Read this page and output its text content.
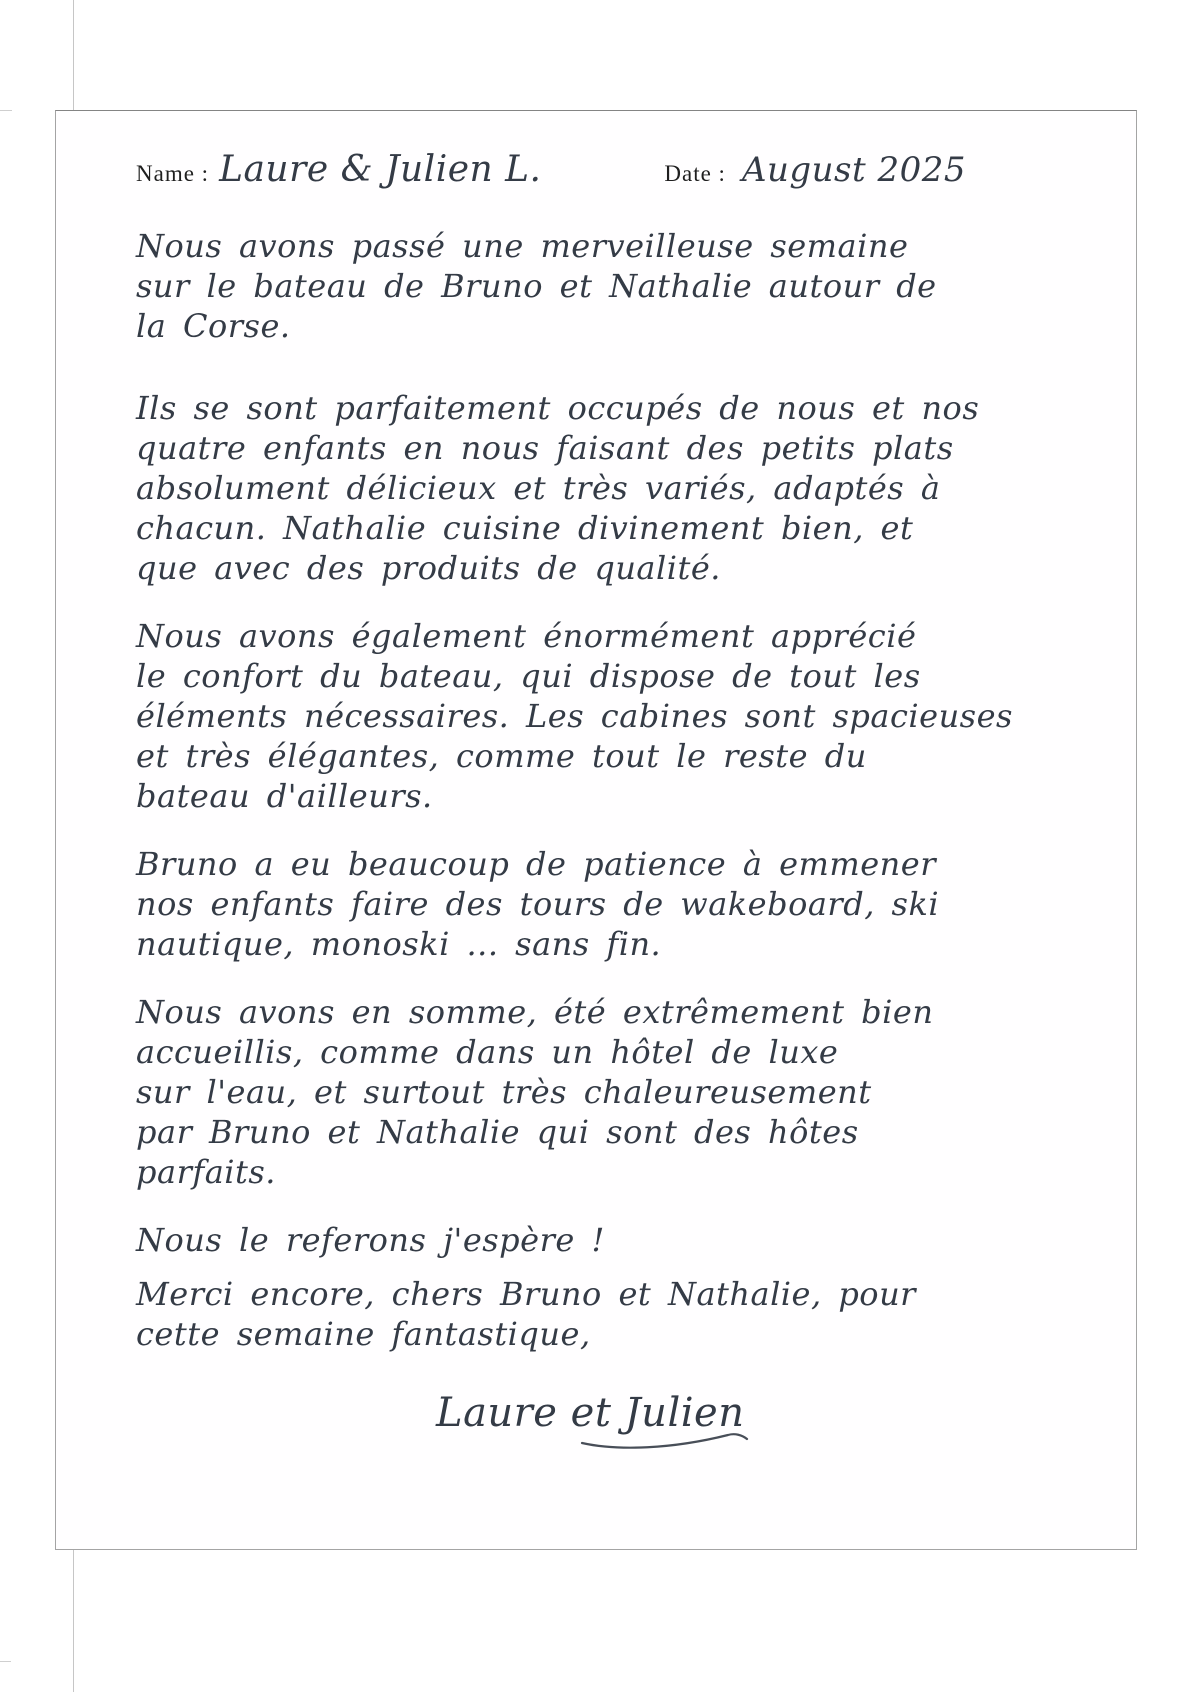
Name : Laure & Julien L.	Date : August 2025
Nous avons passé une merveilleuse semaine
sur le bateau de Bruno et Nathalie autour de
la Corse.
Ils se sont parfaitement occupés de nous et nos
quatre enfants en nous faisant des petits plats
absolument délicieux et très variés, adaptés à
chacun. Nathalie cuisine divinement bien, et
que avec des produits de qualité.
Nous avons également énormément apprécié
le confort du bateau, qui dispose de tout les
éléments nécessaires. Les cabines sont spacieuses
et très élégantes, comme tout le reste du
bateau d'ailleurs.
Bruno a eu beaucoup de patience à emmener
nos enfants faire des tours de wakeboard, ski
nautique, monoski ... sans fin.
Nous avons en somme, été extrêmement bien
accueillis, comme dans un hôtel de luxe
sur l'eau, et surtout très chaleureusement
par Bruno et Nathalie qui sont des hôtes
parfaits.
Nous le referons j'espère !
Merci encore, chers Bruno et Nathalie, pour
cette semaine fantastique,
Laure et Julien
